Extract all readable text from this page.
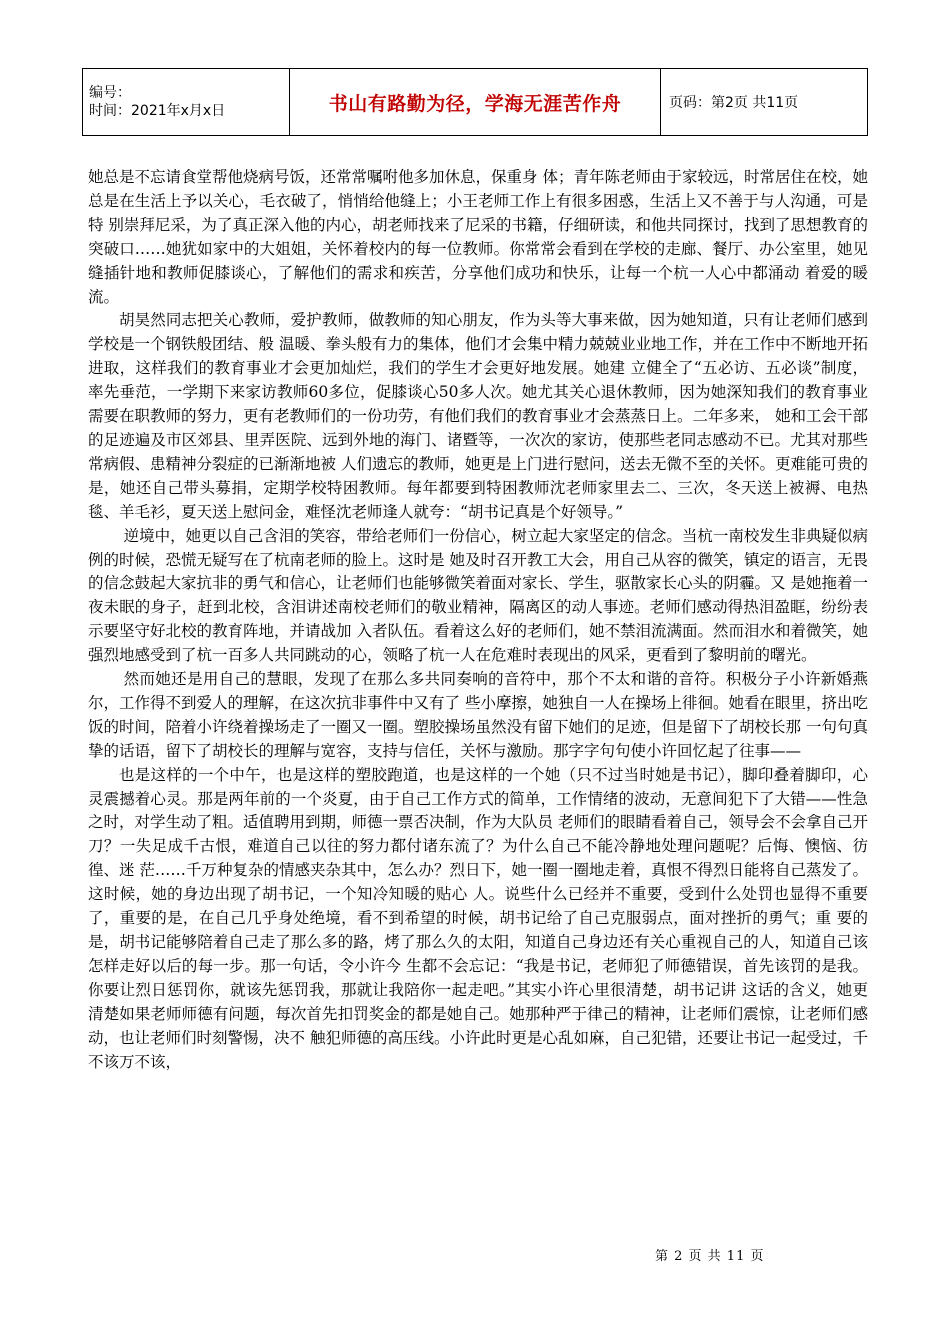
编号：
时间：2021年x月x日	书山有路勤为径，学海无涯苦作舟	页码：第2页 共11页

她总是不忘请食堂帮他烧病号饭，还常常嘱咐他多加休息，保重身 体；青年陈老师由于家较远，时常居住在校，她总是在生活上予以关心，毛衣破了，悄悄给他缝上；小王老师工作上有很多困惑，生活上又不善于与人沟通，可是特 别崇拜尼采，为了真正深入他的内心，胡老师找来了尼采的书籍，仔细研读，和他共同探讨，找到了思想教育的突破口……她犹如家中的大姐姐，关怀着校内的每一位教师。你常常会看到在学校的走廊、餐厅、办公室里，她见缝插针地和教师促膝谈心，了解他们的需求和疾苦，分享他们成功和快乐，让每一个杭一人心中都涌动 着爱的暖流。

胡昊然同志把关心教师，爱护教师，做教师的知心朋友，作为头等大事来做，因为她知道，只有让老师们感到学校是一个钢铁般团结、般 温暖、拳头般有力的集体，他们才会集中精力兢兢业业地工作，并在工作中不断地开拓进取，这样我们的教育事业才会更加灿烂，我们的学生才会更好地发展。她建 立健全了“五必访、五必谈”制度，率先垂范，一学期下来家访教师60多位，促膝谈心50多人次。她尤其关心退休教师，因为她深知我们的教育事业需要在职教师的努力，更有老教师们的一份功劳，有他们我们的教育事业才会蒸蒸日上。二年多来， 她和工会干部的足迹遍及市区郊县、里弄医院、远到外地的海门、诸暨等，一次次的家访，使那些老同志感动不已。尤其对那些常病假、患精神分裂症的已渐渐地被 人们遗忘的教师，她更是上门进行慰问，送去无微不至的关怀。更难能可贵的是，她还自己带头募捐，定期学校特困教师。每年都要到特困教师沈老师家里去二、三次，冬天送上被褥、电热毯、羊毛衫，夏天送上慰问金，难怪沈老师逢人就夸：“胡书记真是个好领导。”

逆境中，她更以自己含泪的笑容，带给老师们一份信心，树立起大家坚定的信念。当杭一南校发生非典疑似病例的时候，恐慌无疑写在了杭南老师的脸上。这时是 她及时召开教工大会，用自己从容的微笑，镇定的语言，无畏的信念鼓起大家抗非的勇气和信心，让老师们也能够微笑着面对家长、学生，驱散家长心头的阴霾。又 是她拖着一夜未眠的身子，赶到北校，含泪讲述南校老师们的敬业精神，隔离区的动人事迹。老师们感动得热泪盈眶，纷纷表示要坚守好北校的教育阵地，并请战加 入者队伍。看着这么好的老师们，她不禁泪流满面。然而泪水和着微笑，她强烈地感受到了杭一百多人共同跳动的心，领略了杭一人在危难时表现出的风采，更看到了黎明前的曙光。

然而她还是用自己的慧眼，发现了在那么多共同奏响的音符中，那个不太和谐的音符。积极分子小许新婚燕尔，工作得不到爱人的理解，在这次抗非事件中又有了 些小摩擦，她独自一人在操场上徘徊。她看在眼里，挤出吃饭的时间，陪着小许绕着操场走了一圈又一圈。塑胶操场虽然没有留下她们的足迹，但是留下了胡校长那 一句句真挚的话语，留下了胡校长的理解与宽容，支持与信任，关怀与激励。那字字句句使小许回忆起了往事——

也是这样的一个中午，也是这样的塑胶跑道，也是这样的一个她（只不过当时她是书记），脚印叠着脚印，心灵震撼着心灵。那是两年前的一个炎夏，由于自己工作方式的简单，工作情绪的波动，无意间犯下了大错——性急之时，对学生动了粗。适值聘用到期，师德一票否决制，作为大队员 老师们的眼睛看着自己，领导会不会拿自己开刀？一失足成千古恨，难道自己以往的努力都付诸东流了？为什么自己不能冷静地处理问题呢？后悔、懊恼、彷徨、迷 茫……千万种复杂的情感夹杂其中，怎么办？烈日下，她一圈一圈地走着，真恨不得烈日能将自己蒸发了。这时候，她的身边出现了胡书记，一个知冷知暖的贴心 人。说些什么已经并不重要，受到什么处罚也显得不重要了，重要的是，在自己几乎身处绝境，看不到希望的时候，胡书记给了自己克服弱点，面对挫折的勇气；重 要的是，胡书记能够陪着自己走了那么多的路，烤了那么久的太阳，知道自己身边还有关心重视自己的人，知道自己该怎样走好以后的每一步。那一句话，令小许今 生都不会忘记：“我是书记，老师犯了师德错误，首先该罚的是我。你要让烈日惩罚你，就该先惩罚我，那就让我陪你一起走吧。”其实小许心里很清楚，胡书记讲 这话的含义，她更清楚如果老师师德有问题，每次首先扣罚奖金的都是她自己。她那种严于律己的精神，让老师们震惊，让老师们感动，也让老师们时刻警惕，决不 触犯师德的高压线。小许此时更是心乱如麻，自己犯错，还要让书记一起受过，千不该万不该，

第 2 页 共 11 页
